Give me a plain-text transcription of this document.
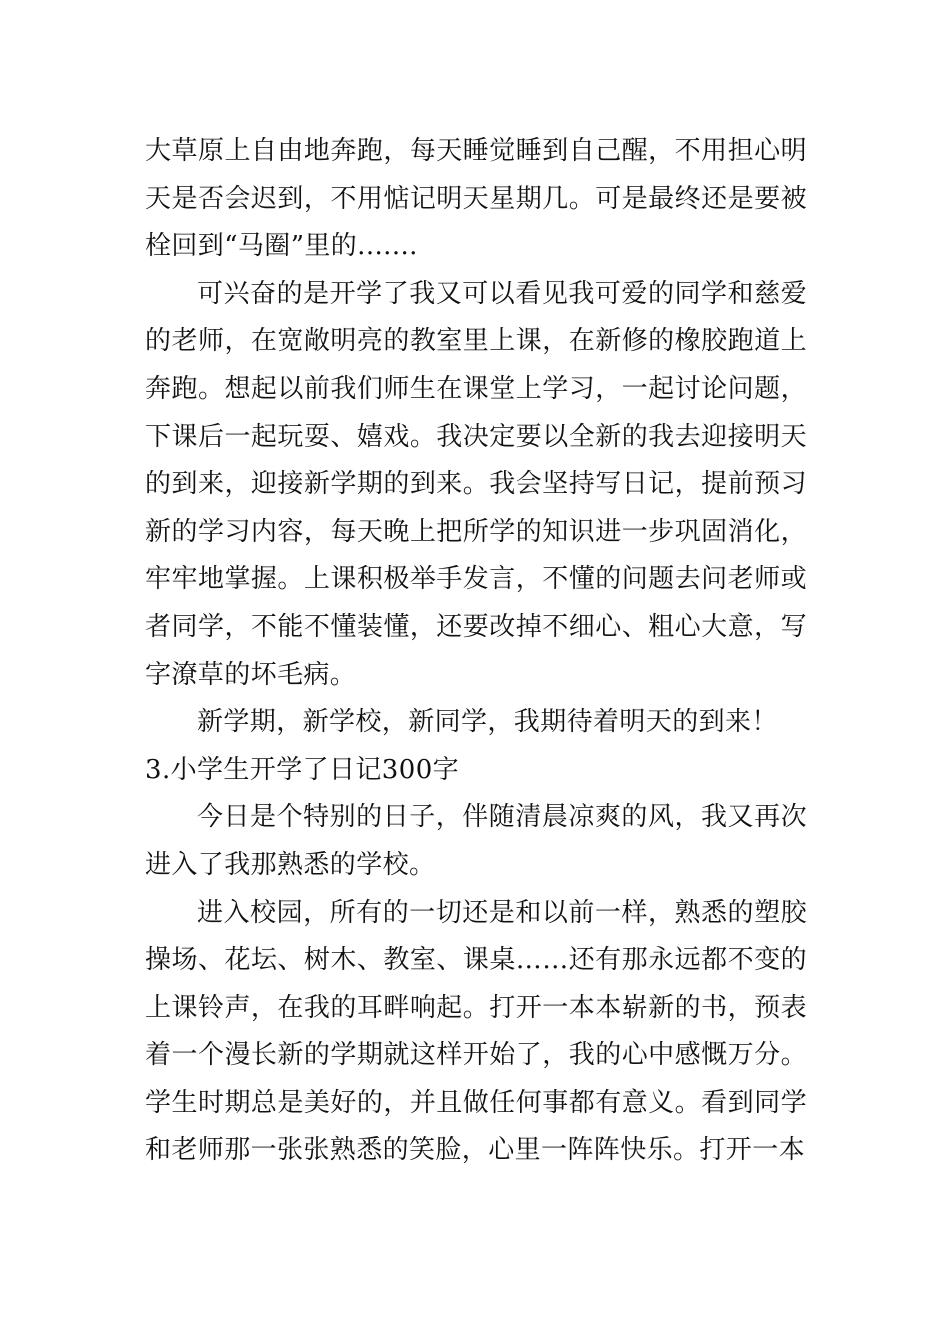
大草原上自由地奔跑，每天睡觉睡到自己醒，不用担心明天是否会迟到，不用惦记明天星期几。可是最终还是要被栓回到“马圈”里的.......

可兴奋的是开学了我又可以看见我可爱的同学和慈爱的老师，在宽敞明亮的教室里上课，在新修的橡胶跑道上奔跑。想起以前我们师生在课堂上学习，一起讨论问题，下课后一起玩耍、嬉戏。我决定要以全新的我去迎接明天的到来，迎接新学期的到来。我会坚持写日记，提前预习新的学习内容，每天晚上把所学的知识进一步巩固消化，牢牢地掌握。上课积极举手发言，不懂的问题去问老师或者同学，不能不懂装懂，还要改掉不细心、粗心大意，写字潦草的坏毛病。

新学期，新学校，新同学，我期待着明天的到来！

3.小学生开学了日记300字

今日是个特别的日子，伴随清晨凉爽的风，我又再次进入了我那熟悉的学校。

进入校园，所有的一切还是和以前一样，熟悉的塑胶操场、花坛、树木、教室、课桌……还有那永远都不变的上课铃声，在我的耳畔响起。打开一本本崭新的书，预表着一个漫长新的学期就这样开始了，我的心中感慨万分。学生时期总是美好的，并且做任何事都有意义。看到同学和老师那一张张熟悉的笑脸，心里一阵阵快乐。打开一本
